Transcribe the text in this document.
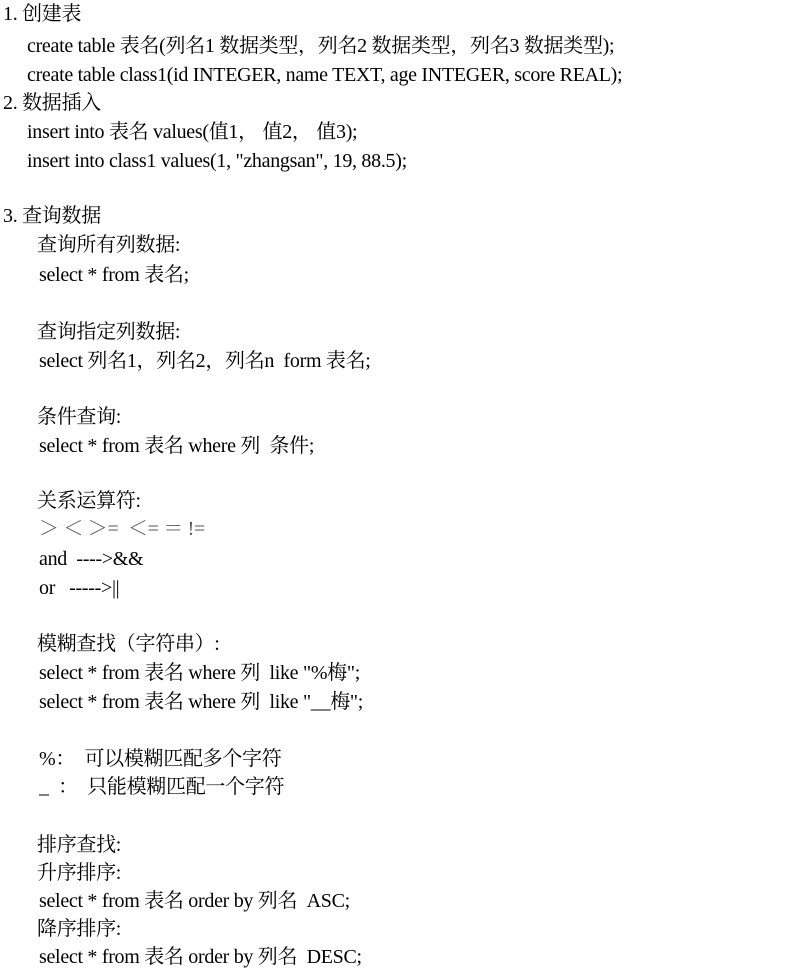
1. 创建表
create table 表名(列名1 数据类型，列名2 数据类型，列名3 数据类型);
create table class1(id INTEGER, name TEXT, age INTEGER, score REAL);
2. 数据插入
insert into 表名 values(值1， 值2， 值3);
insert into class1 values(1, "zhangsan", 19, 88.5);
3. 查询数据
查询所有列数据:
select * from 表名;
查询指定列数据:
select 列名1，列名2，列名n  form 表名;
条件查询:
select * from 表名 where 列  条件;
关系运算符:
＞ ＜ ＞=  ＜= ＝ !=
and  ---->&&
or   ----->||
模糊查找（字符串）:
select * from 表名 where 列  like "%梅";
select * from 表名 where 列  like "__梅";
%：  可以模糊匹配多个字符
_  ：  只能模糊匹配一个字符
排序查找:
升序排序:
select * from 表名 order by 列名  ASC;
降序排序:
select * from 表名 order by 列名  DESC;
